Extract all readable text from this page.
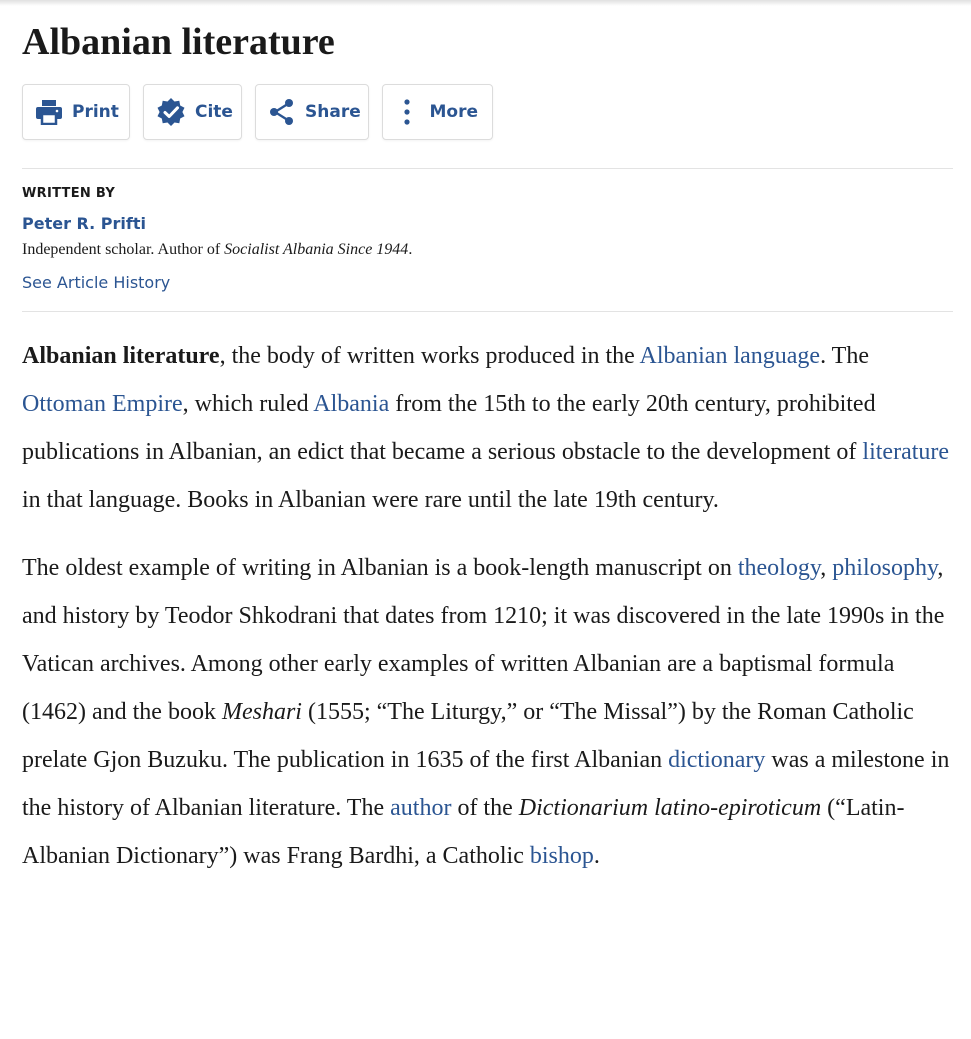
Albanian literature
Print	Cite	Share	More
WRITTEN BY
Peter R. Prifti
Independent scholar. Author of Socialist Albania Since 1944.
See Article History

Albanian literature, the body of written works produced in the Albanian language. The Ottoman Empire, which ruled Albania from the 15th to the early 20th century, prohibited publications in Albanian, an edict that became a serious obstacle to the development of literature in that language. Books in Albanian were rare until the late 19th century.

The oldest example of writing in Albanian is a book-length manuscript on theology, philosophy, and history by Teodor Shkodrani that dates from 1210; it was discovered in the late 1990s in the Vatican archives. Among other early examples of written Albanian are a baptismal formula (1462) and the book Meshari (1555; “The Liturgy,” or “The Missal”) by the Roman Catholic prelate Gjon Buzuku. The publication in 1635 of the first Albanian dictionary was a milestone in the history of Albanian literature. The author of the Dictionarium latino-epiroticum (“Latin-Albanian Dictionary”) was Frang Bardhi, a Catholic bishop.
